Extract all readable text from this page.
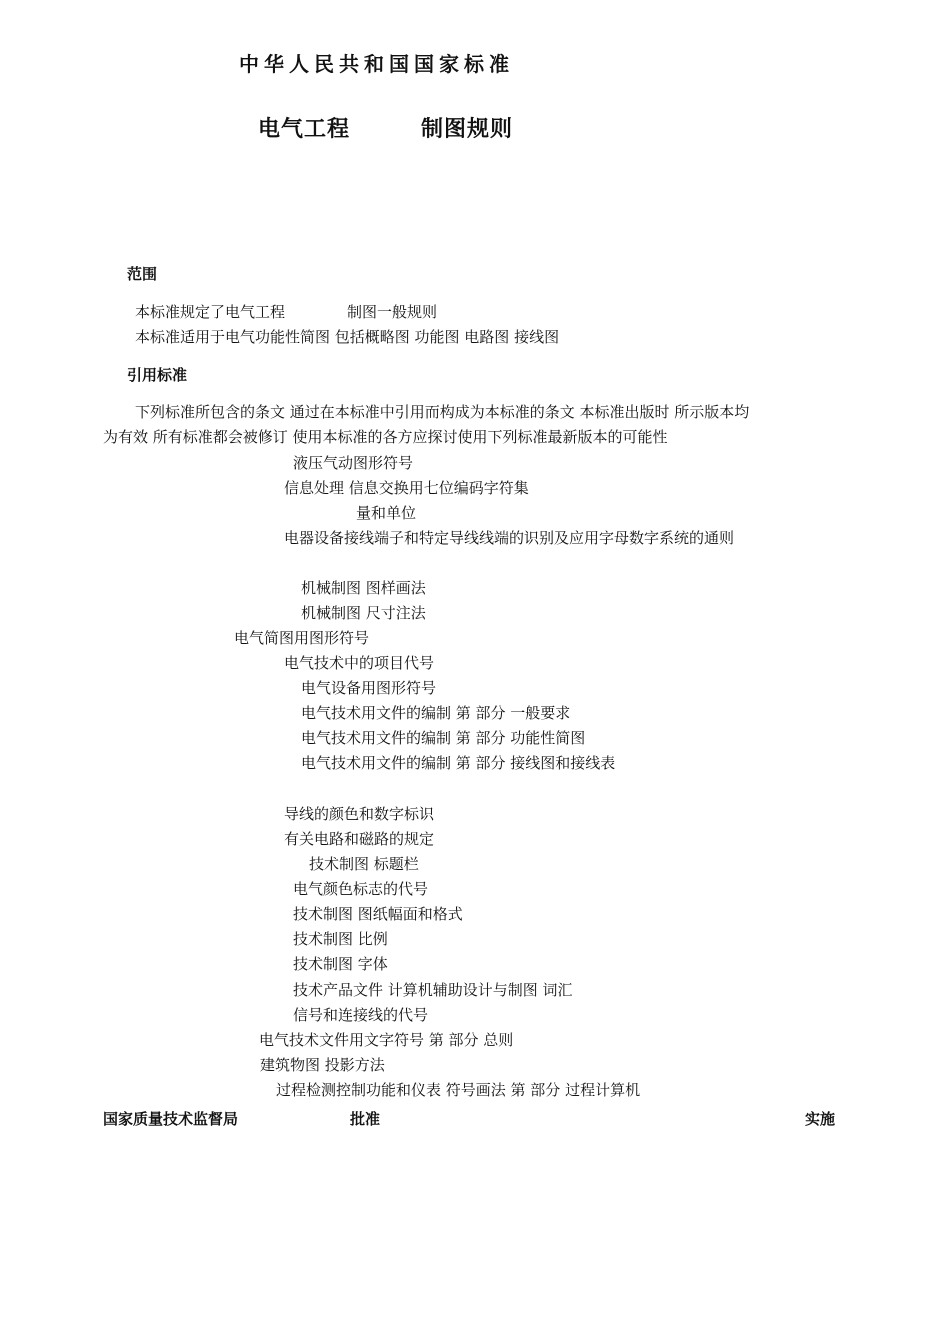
中华人民共和国国家标准
电气工程	制图规则
范围
本标准规定了电气工程	制图一般规则
本标准适用于电气功能性简图 包括概略图 功能图 电路图 接线图
引用标准
下列标准所包含的条文 通过在本标准中引用而构成为本标准的条文 本标准出版时 所示版本均
为有效 所有标准都会被修订 使用本标准的各方应探讨使用下列标准最新版本的可能性
液压气动图形符号
信息处理 信息交换用七位编码字符集
量和单位
电器设备接线端子和特定导线线端的识别及应用字母数字系统的通则
机械制图 图样画法
机械制图 尺寸注法
电气简图用图形符号
电气技术中的项目代号
电气设备用图形符号
电气技术用文件的编制 第 部分 一般要求
电气技术用文件的编制 第 部分 功能性简图
电气技术用文件的编制 第 部分 接线图和接线表
导线的颜色和数字标识
有关电路和磁路的规定
技术制图 标题栏
电气颜色标志的代号
技术制图 图纸幅面和格式
技术制图 比例
技术制图 字体
技术产品文件 计算机辅助设计与制图 词汇
信号和连接线的代号
电气技术文件用文字符号 第 部分 总则
建筑物图 投影方法
过程检测控制功能和仪表 符号画法 第 部分 过程计算机
国家质量技术监督局	批准	实施
